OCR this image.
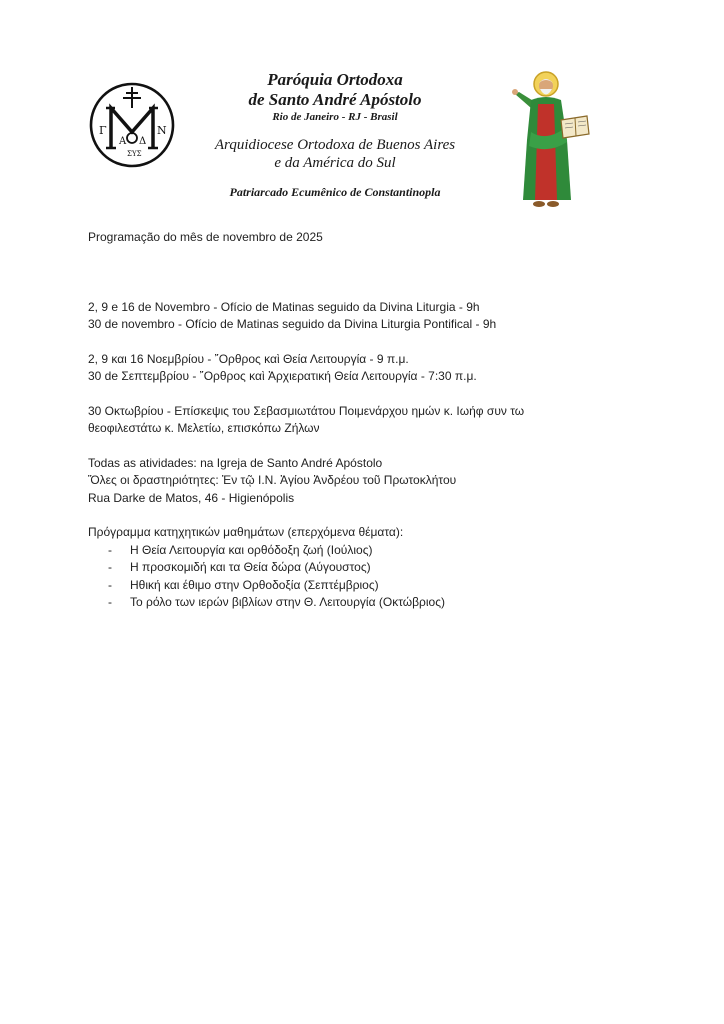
Γ
Α Δ
Ν
ΣΥΣ

Paróquia Ortodoxa

de Santo André Apóstolo

Rio de Janeiro - RJ - Brasil

Arquidiocese Ortodoxa de Buenos Aires

e da América do Sul

Patriarcado Ecumênico de Constantinopla

Programação do mês de novembro de 2025

2, 9 e 16 de Novembro - Ofício de Matinas seguido da Divina Liturgia - 9h

30 de novembro - Ofício de Matinas seguido da Divina Liturgia Pontifical - 9h

2, 9 και 16 Νοεμβρίου - ῎Ορθρος καὶ Θεία Λειτουργία - 9 π.μ.

30 de Σεπτεμβρίου - ῎Ορθρος καὶ Ἀρχιερατική Θεία Λειτουργία - 7:30 π.μ.

30 Οκτωβρίου - Επίσκεψις του Σεβασμιωτάτου Ποιμενάρχου ημών κ. Ιωήφ συν τω

θεοφιλεστάτω κ. Μελετίω, επισκόπω Ζήλων

Todas as atividades: na Igreja de Santo André Apóstolo

Ὅλες οι δραστηριότητες: Ἐν τῷ Ι.Ν. Ἁγίου Ἀνδρέου τοῦ Πρωτοκλήτου

Rua Darke de Matos, 46 - Higienópolis

Πρόγραμμα κατηχητικών μαθημάτων (επερχόμενα θέματα):

- Η Θεία Λειτουργία και ορθόδοξη ζωή (Ιούλιος)
- Η προσκομιδή και τα Θεία δώρα (Αύγουστος)
- Ηθική και έθιμο στην Ορθοδοξία (Σεπτέμβριος)
- Το ρόλο των ιερών βιβλίων στην Θ. Λειτουργία (Οκτώβριος)
